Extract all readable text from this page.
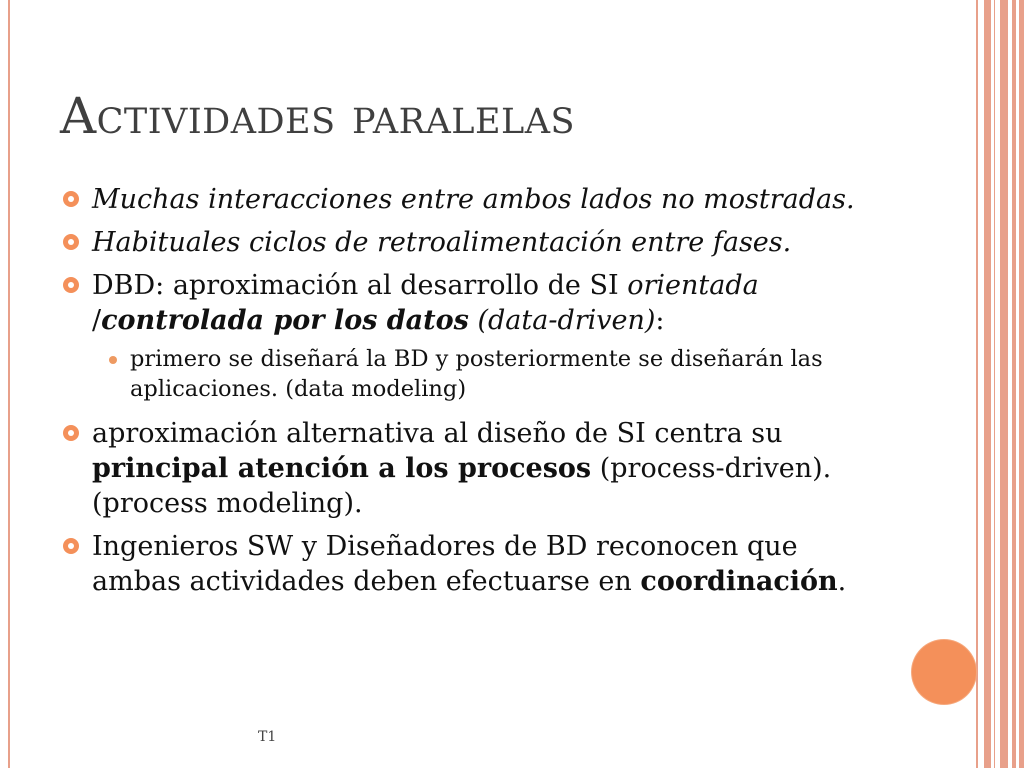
Actividades paralelas
Muchas interacciones entre ambos lados no mostradas.
Habituales ciclos de retroalimentación entre fases.
DBD: aproximación al desarrollo de SI orientada /controlada por los datos (data-driven):
primero se diseñará la BD y posteriormente se diseñarán las aplicaciones. (data modeling)
aproximación alternativa al diseño de SI centra su principal atención a los procesos (process-driven). (process modeling).
Ingenieros SW y Diseñadores de BD reconocen que ambas actividades deben efectuarse en coordinación.
T1
